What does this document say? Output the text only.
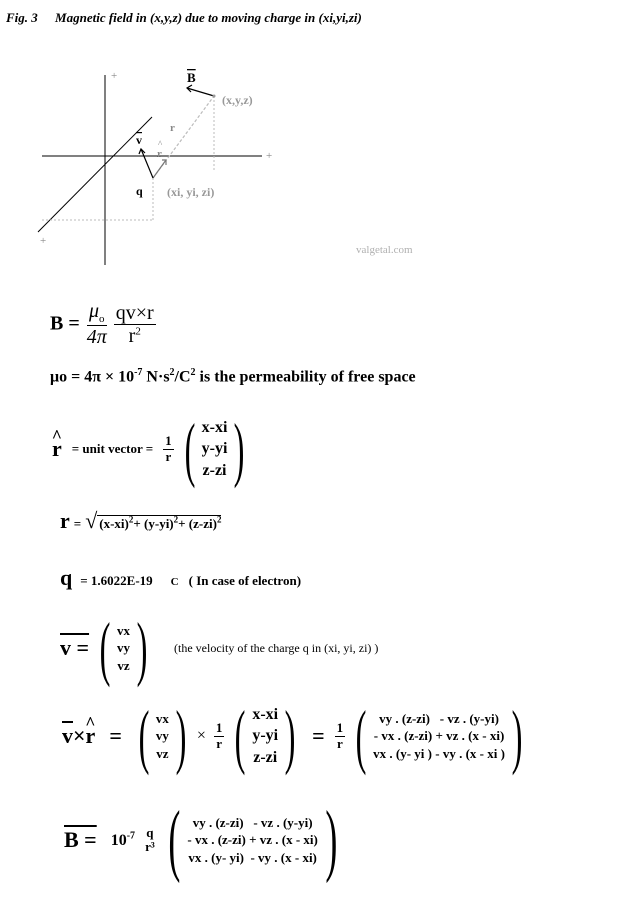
Fig. 3 Magnetic field in (x,y,z) due to moving charge in (xi,yi,zi)
+
+
+
B
(x,y,z)
r
v
r
^
q (xi, yi, zi)
valgetal.com
$B = \frac{\mu_o}{4\pi}$
$\frac{qv\times r}{r^2}$
$\mu o = 4\pi \times 10^{-7}$ $N\cdot s^2/C^2$ is the permeability of free space
^ r = unit vector = $\frac{1}{r}$ ( x-xi
y-yi
z-zi )
r = √ $(x-xi)^2+ (y-yi)^2+ (z-zi)^2$
q = 1.6022E-19 C ( In case of electron)
v = ( vx
vy
vz ) (the velocity of the charge q in (xi, yi, zi) )
$\overline{v}\times\^{}$ r = ( vx
vy
vz ) × $\frac{1}{r}$ ( x-xi
y-yi
z-zi ) = $\frac{1}{r}$ ( vy . (z-zi)   - vz . (y-yi)
- vx . (z-zi) + vz . (x - xi)
vx . (y- yi ) - vy . (x - xi ) )
$B = 10^{-7}$ q
r³ ( vy . (z-zi)   - vz . (y-yi)
- vx . (z-zi) + vz . (x - xi)
vx . (y- yi)  - vy . (x - xi) )
